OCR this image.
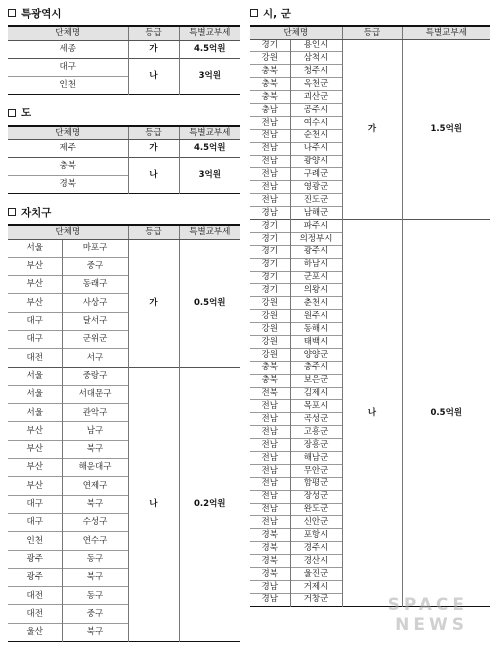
특광역시
단체명	등급	특별교부세
세종	가	4.5억원
대구	나	3억원
인천		
도
단체명	등급	특별교부세
제주	가	4.5억원
충북	나	3억원
경북		
자치구
단체명		등급	특별교부세
서울	마포구	가	0.5억원
부산	중구		
부산	동래구		
부산	사상구		
대구	달서구		
대구	군위군		
대전	서구		
서울	중랑구	나	0.2억원
서울	서대문구		
서울	관악구		
부산	남구		
부산	북구		
부산	해운대구		
부산	연제구		
대구	북구		
대구	수성구		
인천	연수구		
광주	동구		
광주	북구		
대전	동구		
대전	중구		
울산	북구		
시, 군
단체명		등급	특별교부세
경기	용인시	가	1.5억원
강원	삼척시		
충북	청주시		
충북	옥천군		
충북	괴산군		
충남	공주시		
전남	여수시		
전남	순천시		
전남	나주시		
전남	광양시		
전남	구례군		
전남	영광군		
전남	진도군		
경남	남해군		
경기	파주시	나	0.5억원
경기	의정부시		
경기	광주시		
경기	하남시		
경기	군포시		
경기	의왕시		
강원	춘천시		
강원	원주시		
강원	동해시		
강원	태백시		
강원	양양군		
충북	충주시		
충북	보은군		
전북	김제시		
전남	목포시		
전남	곡성군		
전남	고흥군		
전남	장흥군		
전남	해남군		
전남	무안군		
전남	함평군		
전남	장성군		
전남	완도군		
전남	신안군		
경북	포항시		
경북	경주시		
경북	경산시		
경북	울진군		
경남	거제시		
경남	거창군			SPACE
NEWS
